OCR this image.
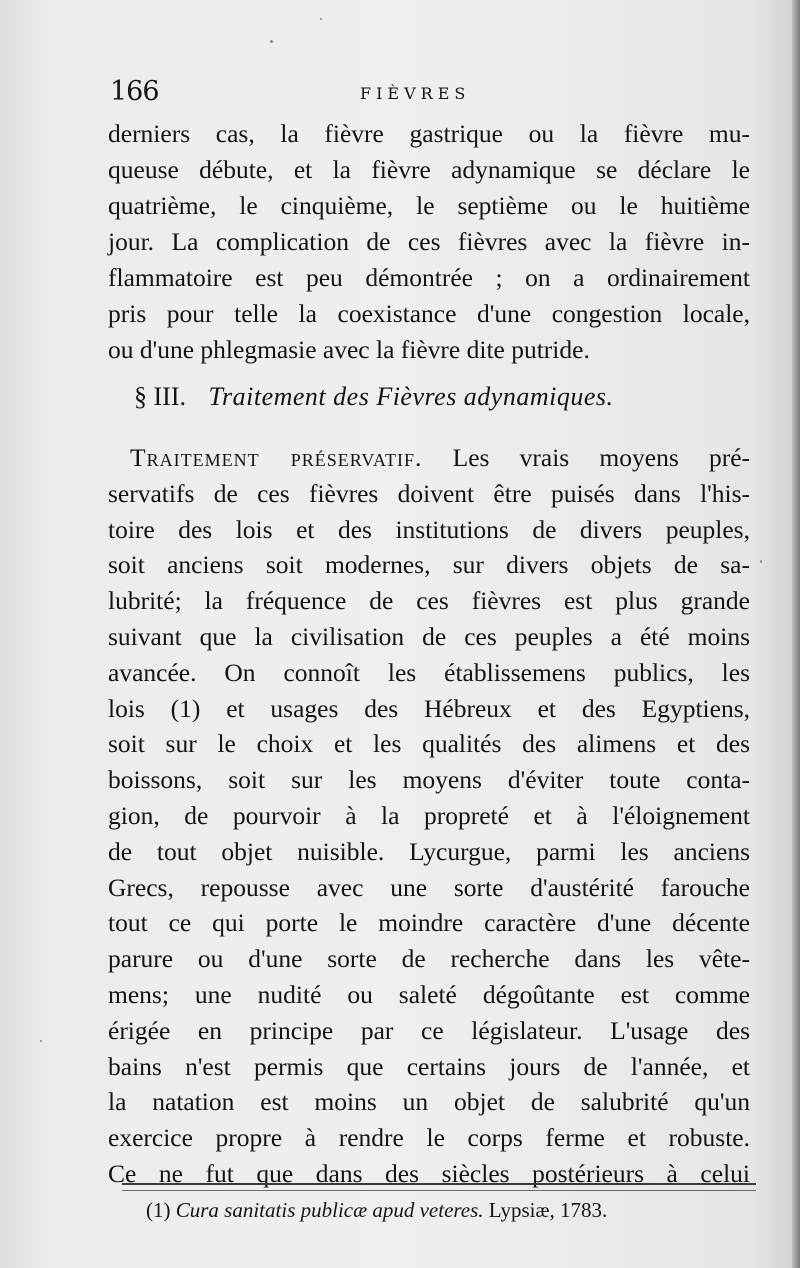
166	FIÈVRES
derniers cas, la fièvre gastrique ou la fièvre mu-
queuse débute, et la fièvre adynamique se déclare le
quatrième, le cinquième, le septième ou le huitième
jour. La complication de ces fièvres avec la fièvre in-
flammatoire est peu démontrée ; on a ordinairement
pris pour telle la coexistance d'une congestion locale,
ou d'une phlegmasie avec la fièvre dite putride.
§ III. Traitement des Fièvres adynamiques.
Traitement préservatif. Les vrais moyens pré-
servatifs de ces fièvres doivent être puisés dans l'his-
toire des lois et des institutions de divers peuples,
soit anciens soit modernes, sur divers objets de sa-
lubrité; la fréquence de ces fièvres est plus grande
suivant que la civilisation de ces peuples a été moins
avancée. On connoît les établissemens publics, les
lois (1) et usages des Hébreux et des Egyptiens,
soit sur le choix et les qualités des alimens et des
boissons, soit sur les moyens d'éviter toute conta-
gion, de pourvoir à la propreté et à l'éloignement
de tout objet nuisible. Lycurgue, parmi les anciens
Grecs, repousse avec une sorte d'austérité farouche
tout ce qui porte le moindre caractère d'une décente
parure ou d'une sorte de recherche dans les vête-
mens; une nudité ou saleté dégoûtante est comme
érigée en principe par ce législateur. L'usage des
bains n'est permis que certains jours de l'année, et
la natation est moins un objet de salubrité qu'un
exercice propre à rendre le corps ferme et robuste.
Ce ne fut que dans des siècles postérieurs à celui
(1) Cura sanitatis publicæ apud veteres. Lypsiæ, 1783.
